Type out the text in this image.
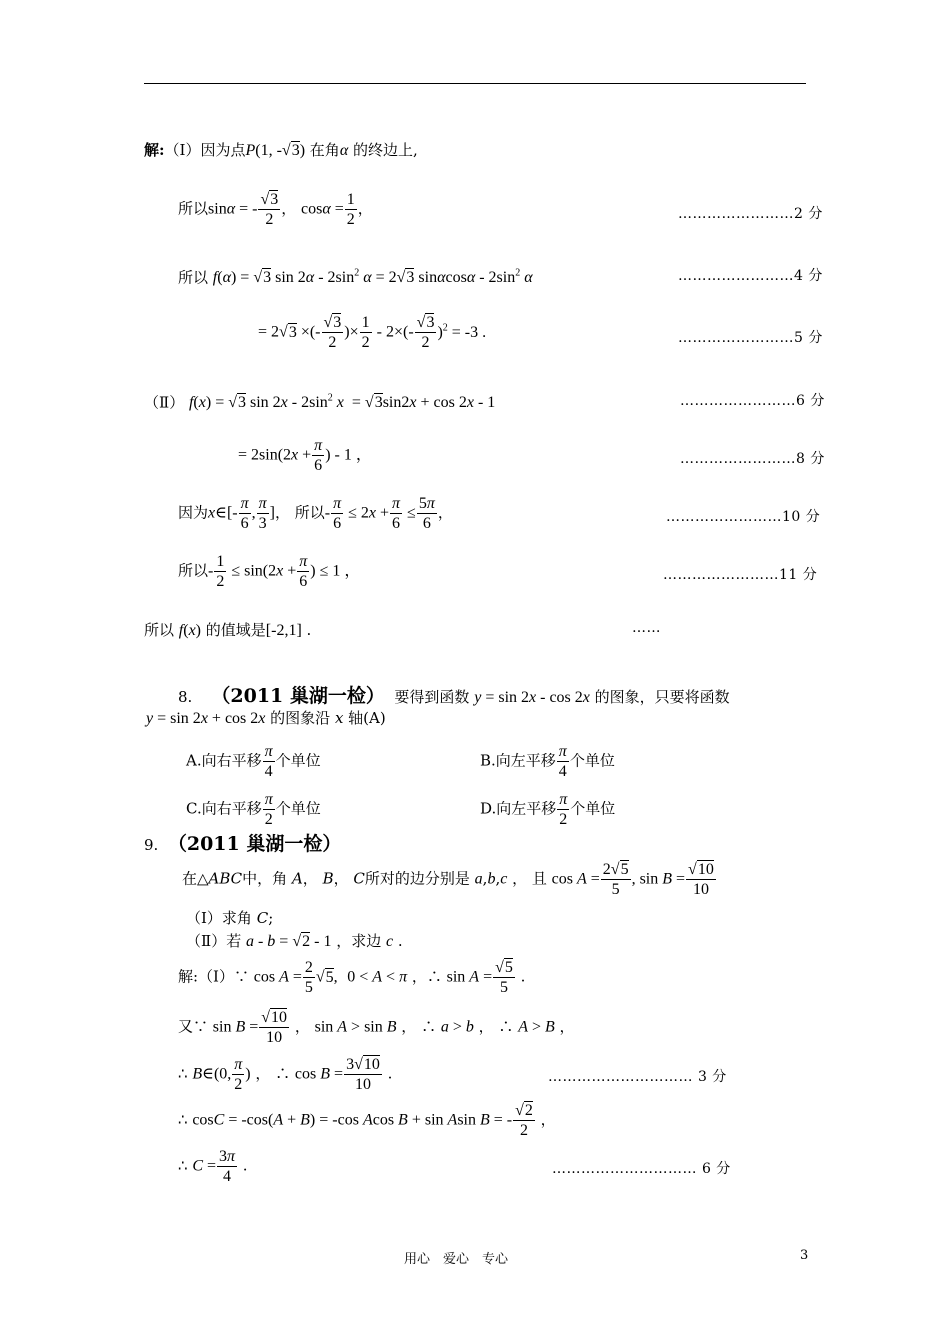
解:（Ⅰ）因为点P(1, -√3) 在角α 的终边上,
所以sinα = - $\frac{√3}{2}$ ， $\cos\alpha = \frac{1}{2}$ ，	……………………2 分
所以 f(α) = √3 $\sin 2\alpha - 2\sin^2$ α = 2√3 sinαcosα - $2\sin^2$ α	……………………4 分
= 2√3 ×(- $\frac{√3}{2}$ )× $\frac{1}{2} - 2\times(- \frac{√3}{2} )^2 = -3$ .	……………………5 分
（Ⅱ） f(x) = √3 $\sin 2x - 2\sin^2$ x  = √3sin2x + cos 2x - 1	……………………6 分
= $2\sin(2x + \frac{\pi}{6}$ ) - 1 ，	……………………8 分
因为x∈[- $\frac{\pi}{6}$ , $\frac{\pi}{3}$ ]， 所以- $\frac{\pi}{6} \le 2x + \frac{\pi}{6} \le \frac{5\pi}{6}$ ，	……………………10 分
所以- $\frac{1}{2} \le \sin(2x + \frac{\pi}{6}$ ) ≤ 1 ，	……………………11 分
所以 f(x) 的值域是[-2,1] .	……
8. （2011 巢湖一检）  要得到函数 y = sin 2x - cos 2x 的图象，只要将函数
y = sin 2x + cos 2x 的图象沿 x 轴(A)
A.向右平移 $\frac{\pi}{4}$ 个单位	B.向左平移 $\frac{\pi}{4}$ 个单位
C.向右平移 $\frac{\pi}{2}$ 个单位	D.向左平移 $\frac{\pi}{2}$ 个单位
9. （2011 巢湖一检）
在△ABC中，角 A， B， C所对的边分别是 a,b,c ， 且 $\cos A = \frac{2√5}{5}$ , $\sin B = \frac{√10}{10}$
（Ⅰ）求角 C;
（Ⅱ）若 a - b = √2 - 1 ，求边 c .
解:（Ⅰ）∵ $\cos A = \frac{2}{5} √5$, 0 < A < π ，∴ $\sin A = \frac{√5}{5}$ .
又∵ $\sin B = \frac{√10}{10}$ ， sin A > sin B ， ∴ a > b ， ∴ A > B ，
∴ B∈(0, $\frac{\pi}{2}$ ) ， ∴ $\cos B = \frac{3√10}{10}$ .	………………………… 3 分
∴ cosC = -cos(A + B) = -cos Acos B + sin Asin B = - $\frac{√2}{2}$ ，
∴ $C = \frac{3\pi}{4}$ .	………………………… 6 分
用心　爱心　专心	3
